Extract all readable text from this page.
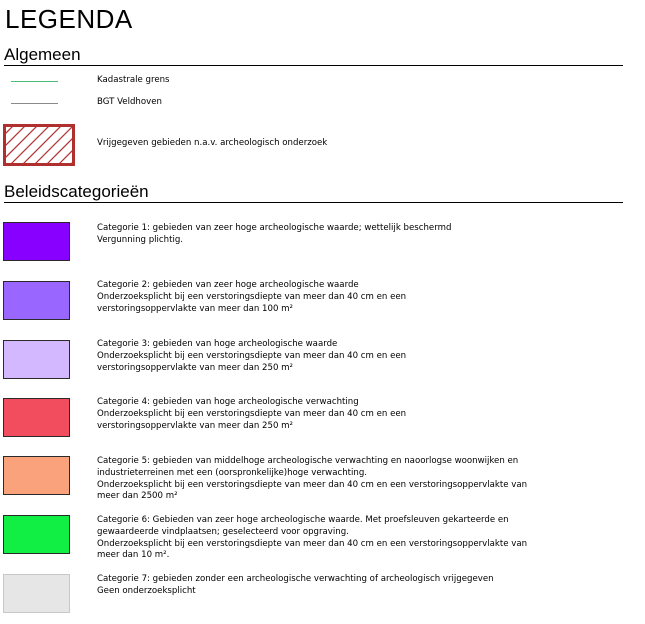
LEGENDA
Algemeen
Kadastrale grens
BGT Veldhoven
Vrijgegeven gebieden n.a.v. archeologisch onderzoek
Beleidscategorieën
Categorie 1: gebieden van zeer hoge archeologische waarde; wettelijk beschermd
Vergunning plichtig.
Categorie 2: gebieden van zeer hoge archeologische waarde
Onderzoeksplicht bij een verstoringsdiepte van meer dan 40 cm en een
verstoringsoppervlakte van meer dan 100 m²
Categorie 3: gebieden van hoge archeologische waarde
Onderzoeksplicht bij een verstoringsdiepte van meer dan 40 cm en een
verstoringsoppervlakte van meer dan 250 m²
Categorie 4: gebieden van hoge archeologische verwachting
Onderzoeksplicht bij een verstoringsdiepte van meer dan 40 cm en een
verstoringsoppervlakte van meer dan 250 m²
Categorie 5: gebieden van middelhoge archeologische verwachting en naoorlogse woonwijken en
industrieterreinen met een (oorspronkelijke)hoge verwachting.
Onderzoeksplicht bij een verstoringsdiepte van meer dan 40 cm en een verstoringsoppervlakte van
meer dan 2500 m²
Categorie 6: Gebieden van zeer hoge archeologische waarde. Met proefsleuven gekarteerde en
gewaardeerde vindplaatsen; geselecteerd voor opgraving.
Onderzoeksplicht bij een verstoringsdiepte van meer dan 40 cm en een verstoringsoppervlakte van
meer dan 10 m².
Categorie 7: gebieden zonder een archeologische verwachting of archeologisch vrijgegeven
Geen onderzoeksplicht
